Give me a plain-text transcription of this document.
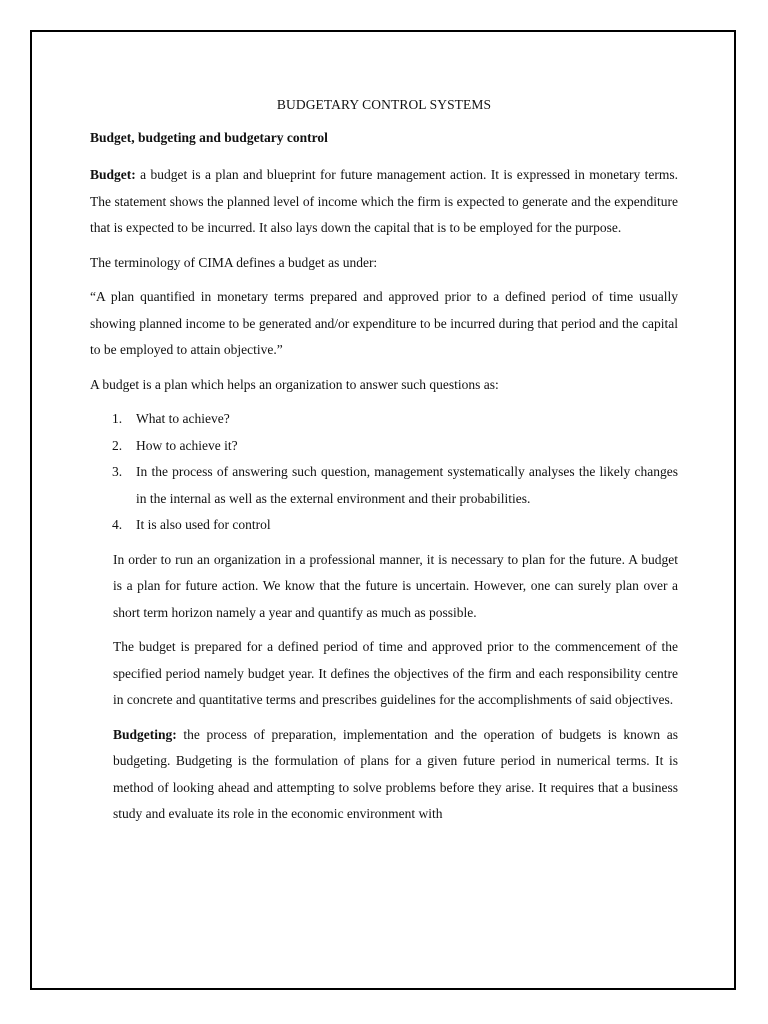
BUDGETARY CONTROL SYSTEMS
Budget, budgeting and budgetary control

Budget: a budget is a plan and blueprint for future management action. It is expressed in monetary terms. The statement shows the planned level of income which the firm is expected to generate and the expenditure that is expected to be incurred. It also lays down the capital that is to be employed for the purpose.

The terminology of CIMA defines a budget as under:

“A plan quantified in monetary terms prepared and approved prior to a defined period of time usually showing planned income to be generated and/or expenditure to be incurred during that period and the capital to be employed to attain objective.”

A budget is a plan which helps an organization to answer such questions as:

1. What to achieve?
2. How to achieve it?
3. In the process of answering such question, management systematically analyses the likely changes in the internal as well as the external environment and their probabilities.
4. It is also used for control

In order to run an organization in a professional manner, it is necessary to plan for the future. A budget is a plan for future action. We know that the future is uncertain. However, one can surely plan over a short term horizon namely a year and quantify as much as possible.

The budget is prepared for a defined period of time and approved prior to the commencement of the specified period namely budget year. It defines the objectives of the firm and each responsibility centre in concrete and quantitative terms and prescribes guidelines for the accomplishments of said objectives.

Budgeting: the process of preparation, implementation and the operation of budgets is known as budgeting. Budgeting is the formulation of plans for a given future period in numerical terms. It is method of looking ahead and attempting to solve problems before they arise. It requires that a business study and evaluate its role in the economic environment with
